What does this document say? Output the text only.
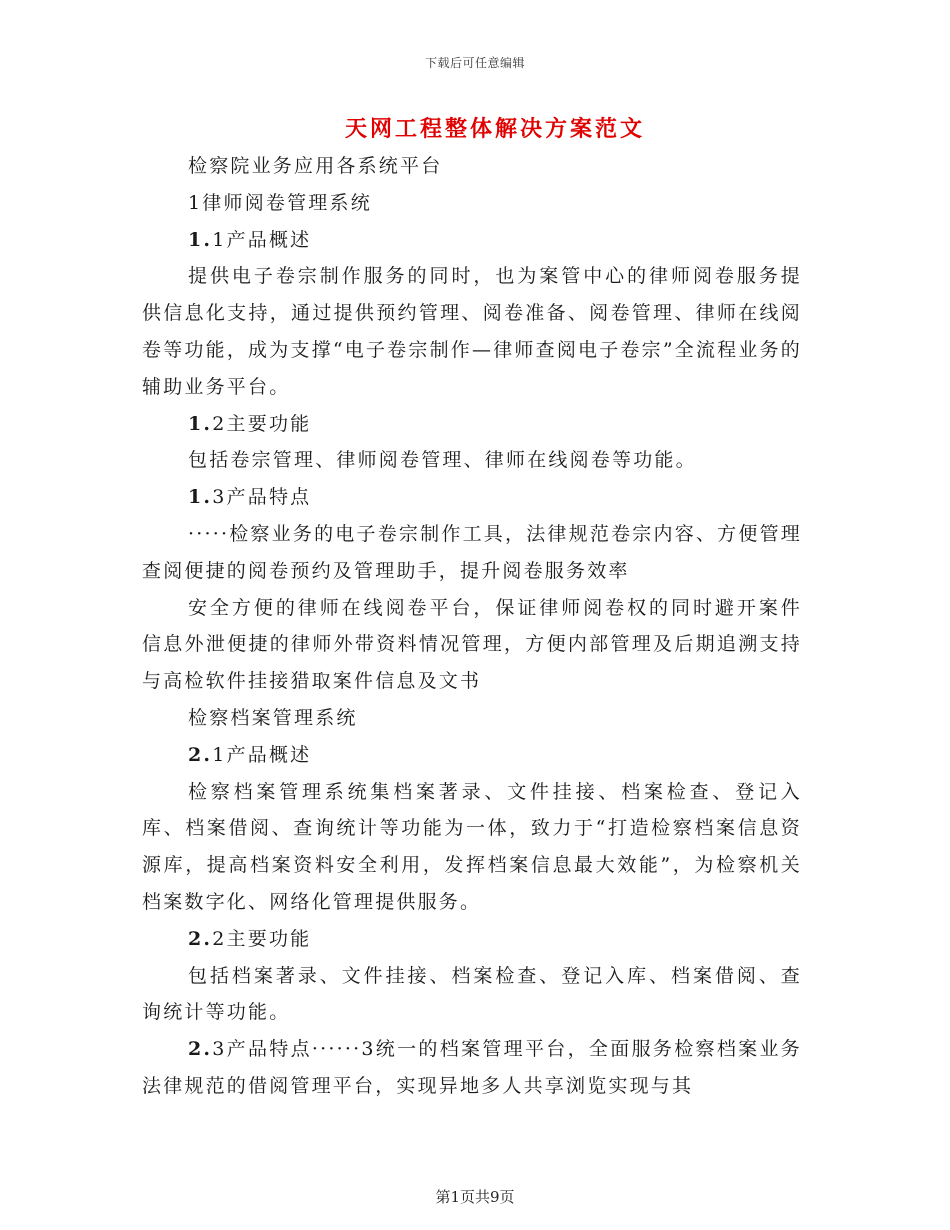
下载后可任意编辑
天网工程整体解决方案范文

检察院业务应用各系统平台

1律师阅卷管理系统

1.1产品概述

提供电子卷宗制作服务的同时，也为案管中心的律师阅卷服务提供信息化支持，通过提供预约管理、阅卷准备、阅卷管理、律师在线阅卷等功能，成为支撑“电子卷宗制作—律师查阅电子卷宗”全流程业务的辅助业务平台。

1.2主要功能

包括卷宗管理、律师阅卷管理、律师在线阅卷等功能。

1.3产品特点

·····检察业务的电子卷宗制作工具，法律规范卷宗内容、方便管理查阅便捷的阅卷预约及管理助手，提升阅卷服务效率

安全方便的律师在线阅卷平台，保证律师阅卷权的同时避开案件信息外泄便捷的律师外带资料情况管理，方便内部管理及后期追溯支持与高检软件挂接猎取案件信息及文书

检察档案管理系统

2.1产品概述

检察档案管理系统集档案著录、文件挂接、档案检查、登记入库、档案借阅、查询统计等功能为一体，致力于“打造检察档案信息资源库，提高档案资料安全利用，发挥档案信息最大效能”，为检察机关档案数字化、网络化管理提供服务。

2.2主要功能

包括档案著录、文件挂接、档案检查、登记入库、档案借阅、查询统计等功能。

2.3产品特点······3统一的档案管理平台，全面服务检察档案业务法律规范的借阅管理平台，实现异地多人共享浏览实现与其

第1页共9页
